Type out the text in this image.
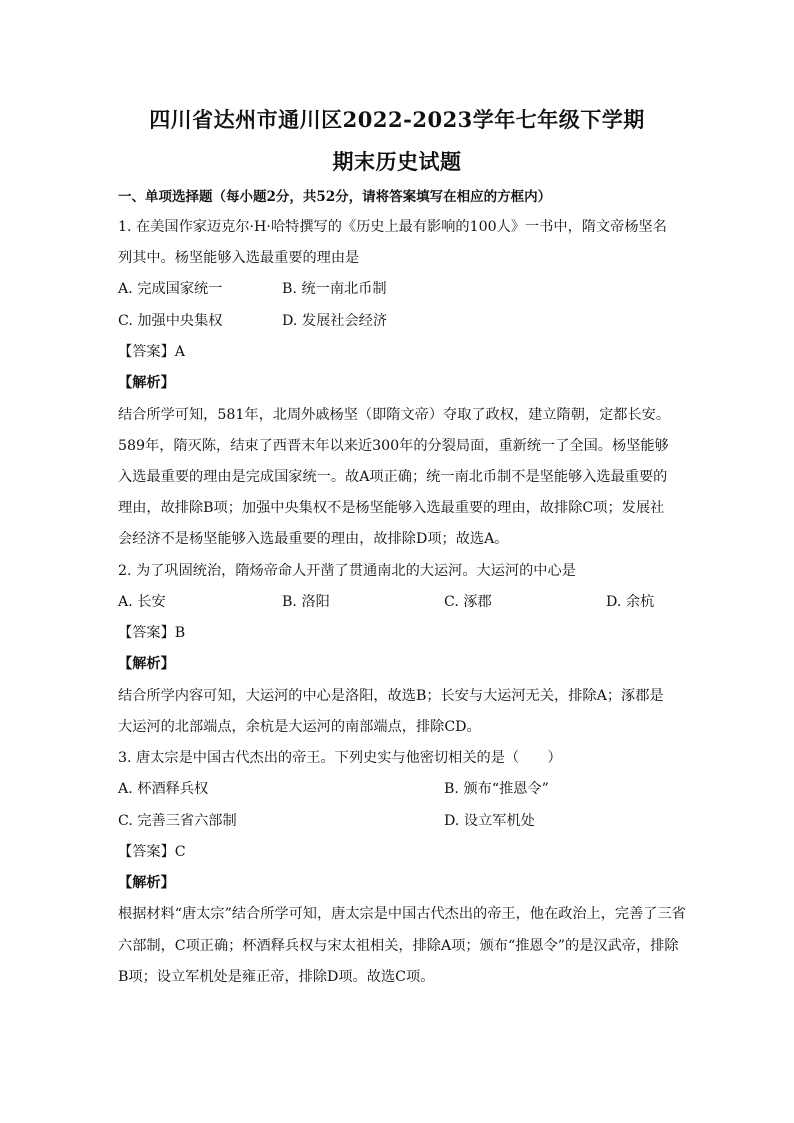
四川省达州市通川区2022-2023学年七年级下学期
期末历史试题
一、单项选择题（每小题2分，共52分，请将答案填写在相应的方框内）
1. 在美国作家迈克尔·H·哈特撰写的《历史上最有影响的100人》一书中，隋文帝杨坚名
列其中。杨坚能够入选最重要的理由是
A. 完成国家统一	B. 统一南北币制
C. 加强中央集权	D. 发展社会经济
【答案】A
【解析】
结合所学可知，581年，北周外戚杨坚（即隋文帝）夺取了政权，建立隋朝，定都长安。
589年，隋灭陈，结束了西晋末年以来近300年的分裂局面，重新统一了全国。杨坚能够
入选最重要的理由是完成国家统一。故A项正确；统一南北币制不是坚能够入选最重要的
理由，故排除B项；加强中央集权不是杨坚能够入选最重要的理由，故排除C项；发展社
会经济不是杨坚能够入选最重要的理由，故排除D项；故选A。
2. 为了巩固统治，隋炀帝命人开凿了贯通南北的大运河。大运河的中心是
A. 长安	B. 洛阳	C. 涿郡	D. 余杭
【答案】B
【解析】
结合所学内容可知，大运河的中心是洛阳，故选B；长安与大运河无关，排除A；涿郡是
大运河的北部端点，余杭是大运河的南部端点，排除CD。
3. 唐太宗是中国古代杰出的帝王。下列史实与他密切相关的是（　　）
A. 杯酒释兵权	B. 颁布“推恩令”
C. 完善三省六部制	D. 设立军机处
【答案】C
【解析】
根据材料“唐太宗”结合所学可知，唐太宗是中国古代杰出的帝王，他在政治上，完善了三省
六部制，C项正确；杯酒释兵权与宋太祖相关，排除A项；颁布“推恩令”的是汉武帝，排除
B项；设立军机处是雍正帝，排除D项。故选C项。
